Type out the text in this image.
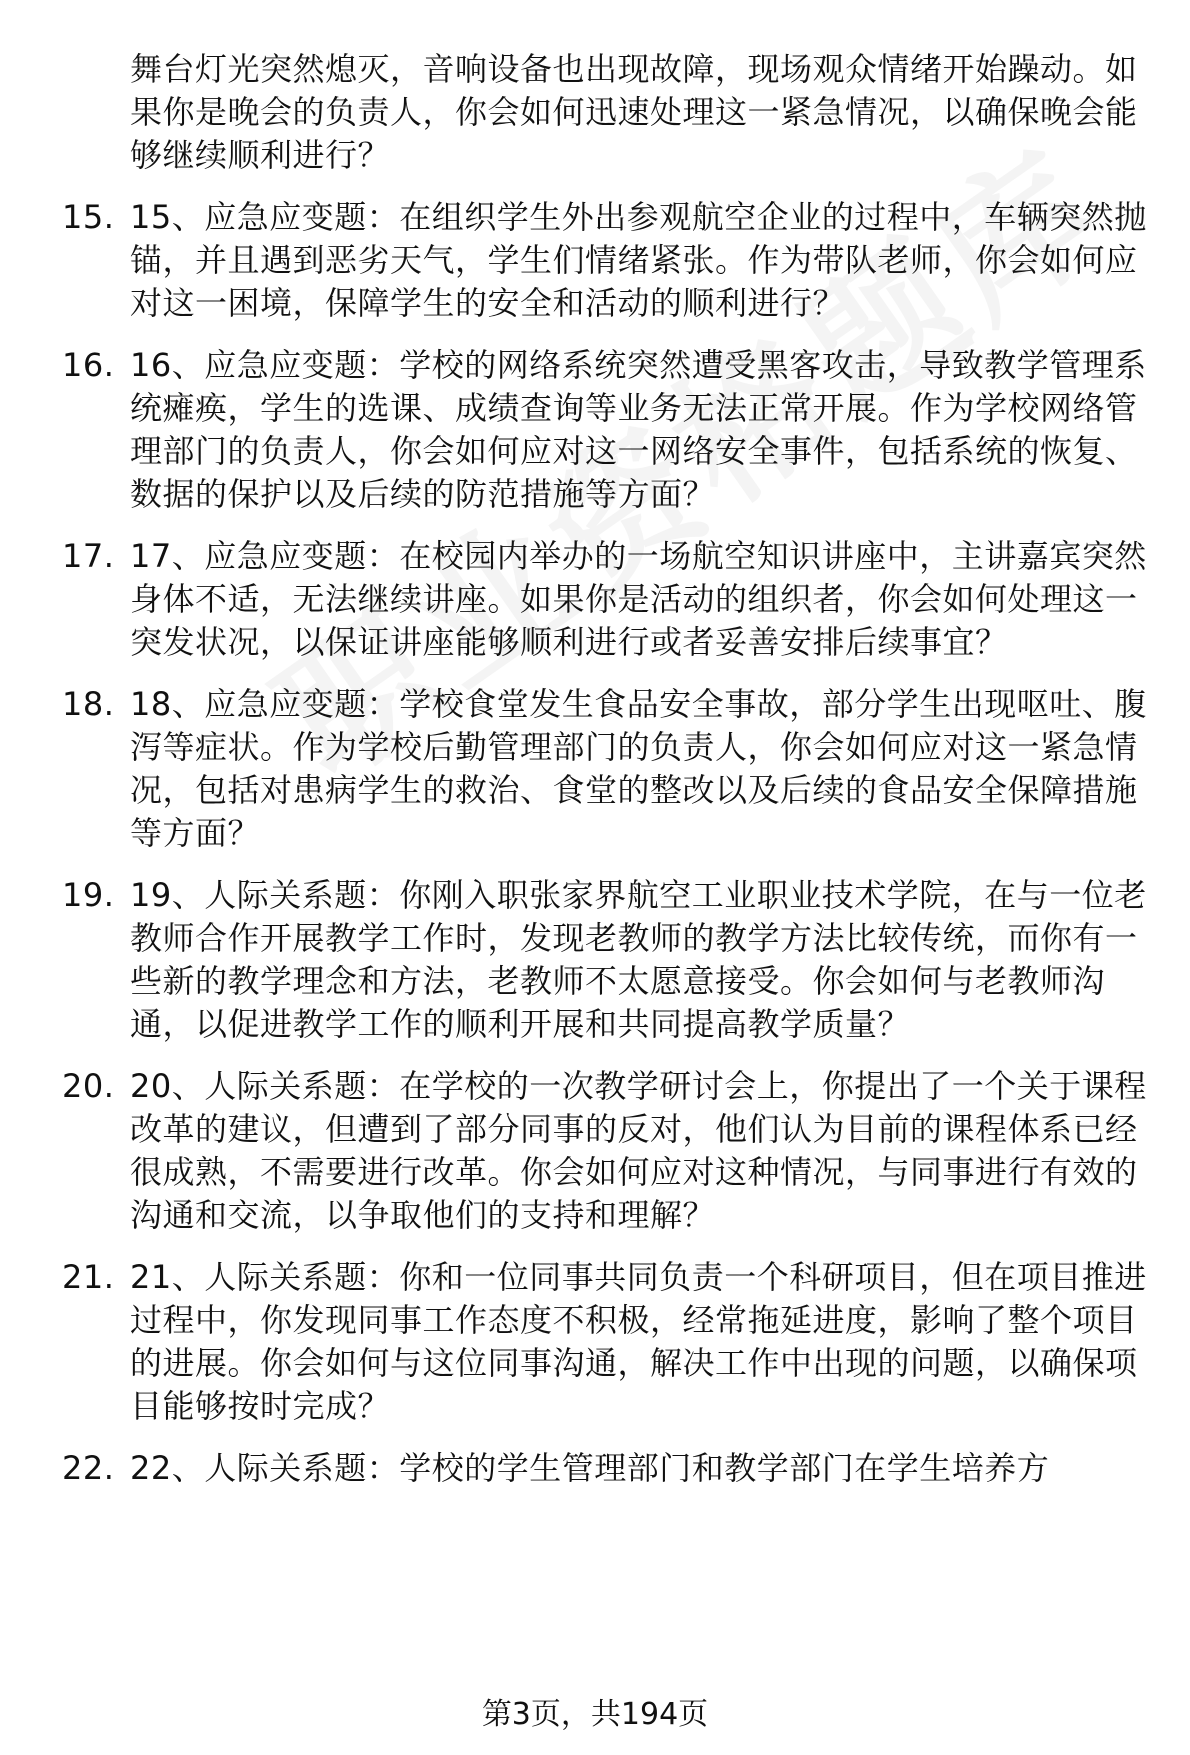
舞台灯光突然熄灭，音响设备也出现故障，现场观众情绪开始躁动。如果你是晚会的负责人，你会如何迅速处理这一紧急情况，以确保晚会能够继续顺利进行？
15. 15、应急应变题：在组织学生外出参观航空企业的过程中，车辆突然抛锚，并且遇到恶劣天气，学生们情绪紧张。作为带队老师，你会如何应对这一困境，保障学生的安全和活动的顺利进行？
16. 16、应急应变题：学校的网络系统突然遭受黑客攻击，导致教学管理系统瘫痪，学生的选课、成绩查询等业务无法正常开展。作为学校网络管理部门的负责人，你会如何应对这一网络安全事件，包括系统的恢复、数据的保护以及后续的防范措施等方面？
17. 17、应急应变题：在校园内举办的一场航空知识讲座中，主讲嘉宾突然身体不适，无法继续讲座。如果你是活动的组织者，你会如何处理这一突发状况，以保证讲座能够顺利进行或者妥善安排后续事宜？
18. 18、应急应变题：学校食堂发生食品安全事故，部分学生出现呕吐、腹泻等症状。作为学校后勤管理部门的负责人，你会如何应对这一紧急情况，包括对患病学生的救治、食堂的整改以及后续的食品安全保障措施等方面？
19. 19、人际关系题：你刚入职张家界航空工业职业技术学院，在与一位老教师合作开展教学工作时，发现老教师的教学方法比较传统，而你有一些新的教学理念和方法，老教师不太愿意接受。你会如何与老教师沟通，以促进教学工作的顺利开展和共同提高教学质量？
20. 20、人际关系题：在学校的一次教学研讨会上，你提出了一个关于课程改革的建议，但遭到了部分同事的反对，他们认为目前的课程体系已经很成熟，不需要进行改革。你会如何应对这种情况，与同事进行有效的沟通和交流，以争取他们的支持和理解？
21. 21、人际关系题：你和一位同事共同负责一个科研项目，但在项目推进过程中，你发现同事工作态度不积极，经常拖延进度，影响了整个项目的进展。你会如何与这位同事沟通，解决工作中出现的问题，以确保项目能够按时完成？
22. 22、人际关系题：学校的学生管理部门和教学部门在学生培养方
第3页，共194页
